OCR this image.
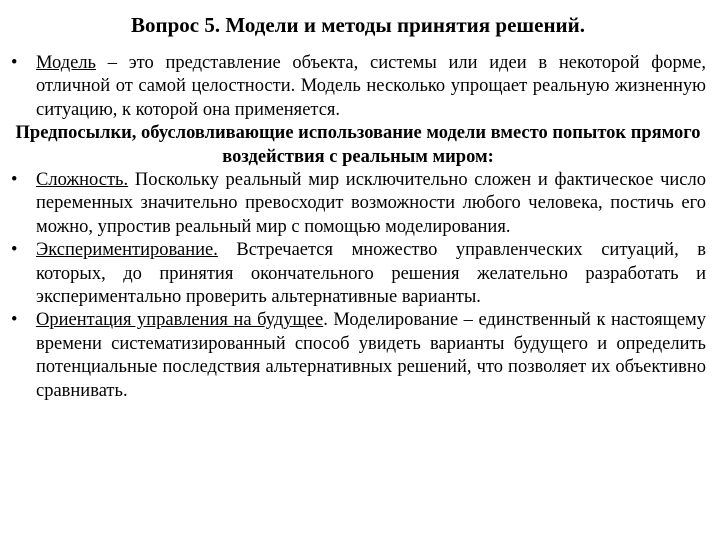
Вопрос 5. Модели и методы принятия решений.

• Модель – это представление объекта, системы или идеи в некоторой форме, отличной от самой целостности. Модель несколько упрощает реальную жизненную ситуацию, к которой она применяется.

Предпосылки, обусловливающие использование модели вместо попыток прямого воздействия с реальным миром:

• Сложность. Поскольку реальный мир исключительно сложен и фактическое число переменных значительно превосходит возможности любого человека, постичь его можно, упростив реальный мир с помощью моделирования.

• Экспериментирование. Встречается множество управленческих ситуаций, в которых, до принятия окончательного решения желательно разработать и экспериментально проверить альтернативные варианты.

• Ориентация управления на будущее. Моделирование – единственный к настоящему времени систематизированный способ увидеть варианты будущего и определить потенциальные последствия альтернативных решений, что позволяет их объективно сравнивать.
